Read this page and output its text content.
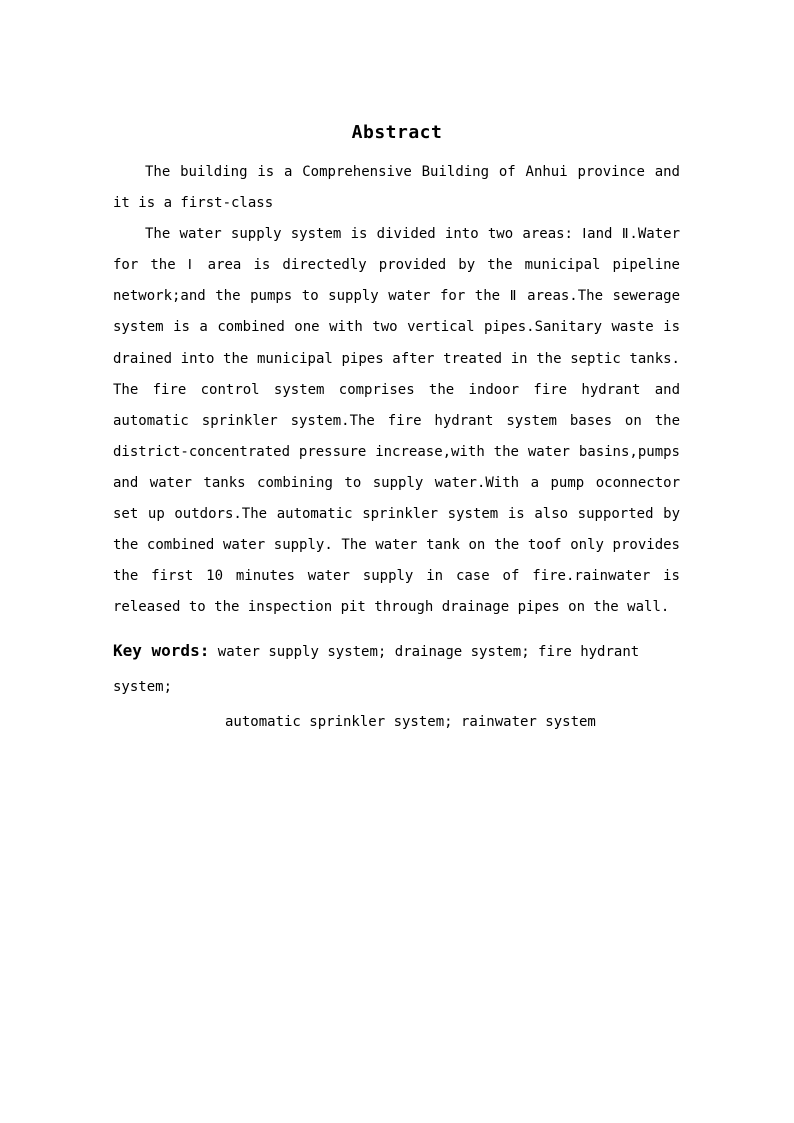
Abstract

The building is a Comprehensive Building of Anhui province and it is a first-class

The water supply system is divided into two areas: Ⅰand Ⅱ.Water for the Ⅰ area is directedly provided by the municipal pipeline network;and the pumps to supply water for the Ⅱ areas.The sewerage system is a combined one with two vertical pipes.Sanitary waste is drained into the municipal pipes after treated in the septic tanks. The fire control system comprises the indoor fire hydrant and automatic sprinkler system.The fire hydrant system bases on the district-concentrated pressure increase,with the water basins,pumps and water tanks combining to supply water.With a pump oconnector set up outdors.The automatic sprinkler system is also supported by the combined water supply. The water tank on the toof only provides the first 10 minutes water supply in case of fire.rainwater is released to the inspection pit through drainage pipes on the wall.

Key words: water supply system; drainage system; fire hydrant system;
automatic sprinkler system; rainwater system
